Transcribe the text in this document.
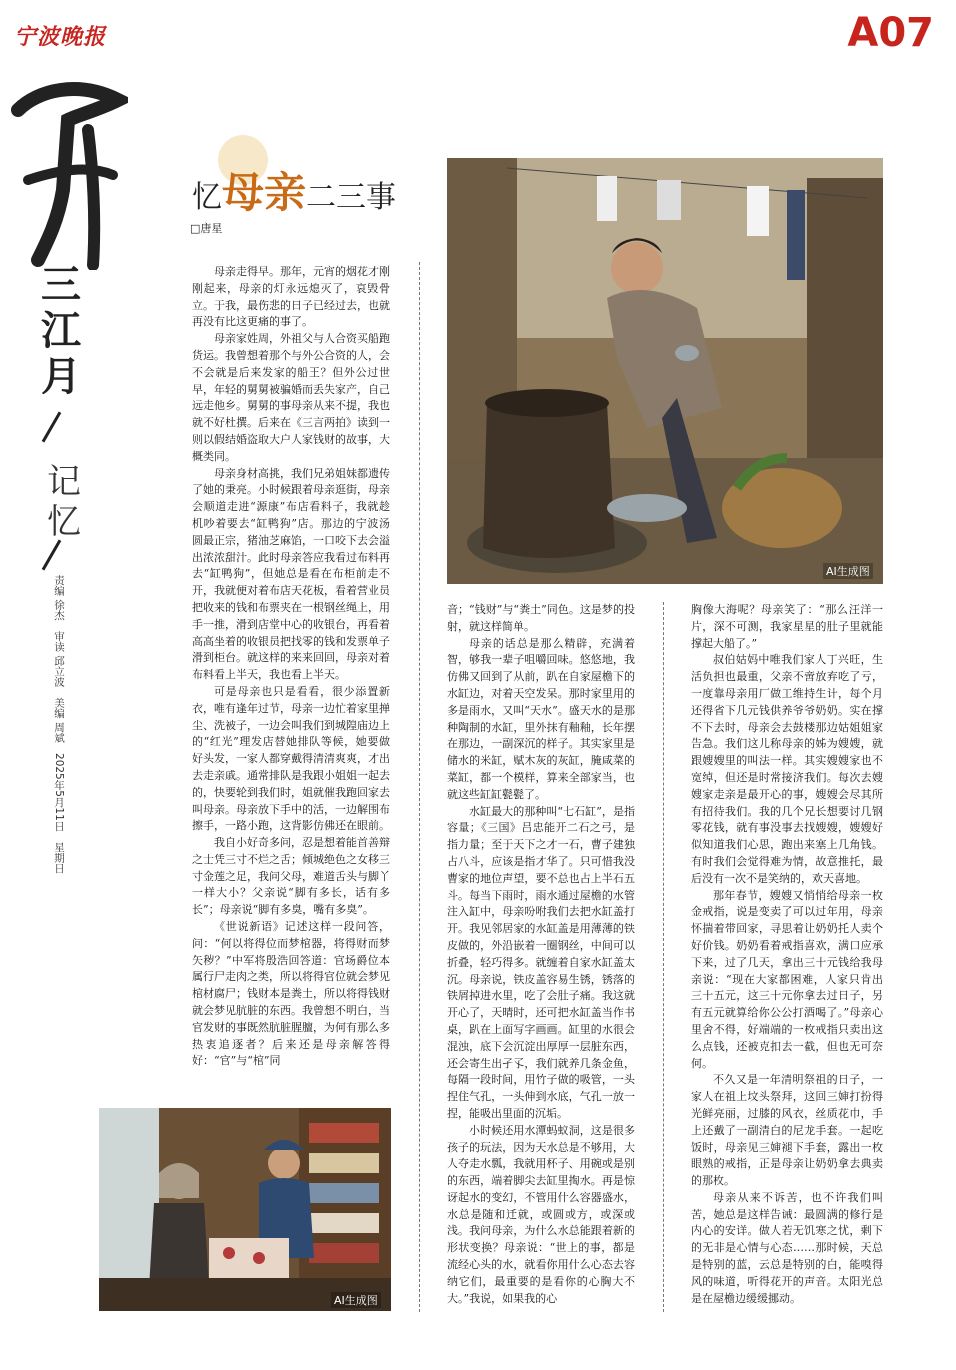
宁波晚报	A07
三
江
月
记
忆
责编 徐杰　审读 邱立波　美编 周斌　2025年5月11日　星期日
忆母亲二三事
□唐星

母亲走得早。那年，元宵的烟花才刚刚起来，母亲的灯永远熄灭了，哀毁骨立。于我，最伤悲的日子已经过去，也就再没有比这更痛的事了。

母亲家姓周，外祖父与人合资买船跑货运。我曾想着那个与外公合资的人，会不会就是后来发家的船王？但外公过世早，年轻的舅舅被骗婚而丢失家产，自己远走他乡。舅舅的事母亲从来不提，我也就不好杜撰。后来在《三言两拍》读到一则以假结婚盗取大户人家钱财的故事，大概类同。

母亲身材高挑，我们兄弟姐妹都遗传了她的秉亮。小时候跟着母亲逛街，母亲会顺道走进“源康”布店看料子，我就趁机吵着要去“缸鸭狗”店。那边的宁波汤圆最正宗，猪油芝麻馅，一口咬下去会溢出浓浓甜汁。此时母亲答应我看过布料再去“缸鸭狗”，但她总是看在布柜前走不开，我就便对着布店天花板，看着营业员把收来的钱和布票夹在一根钢丝绳上，用手一推，滑到店堂中心的收银台，再看着高高坐着的收银员把找零的钱和发票单子滑到柜台。就这样的来来回回，母亲对着布料看上半天，我也看上半天。

可是母亲也只是看看，很少添置新衣，唯有逢年过节，母亲一边忙着家里掸尘、洗被子，一边会叫我们到城隍庙边上的“红光”理发店替她排队等候，她要做好头发，一家人都穿戴得清清爽爽，才出去走亲戚。通常排队是我跟小姐姐一起去的，快要轮到我们时，姐就催我跑回家去叫母亲。母亲放下手中的活，一边解围布擦手，一路小跑，这背影仿佛还在眼前。

我自小好奇多问，忍是想着能首善辩之士凭三寸不烂之舌；倾城绝色之女移三寸金莲之足，我问父母，难道舌头与脚丫一样大小？父亲说“脚有多长，话有多长”；母亲说“脚有多臭，嘴有多臭”。

《世说新语》记述这样一段问答，问：“何以将得位而梦棺器，将得财而梦矢秽？”中军将殷浩回答道：官场爵位本属行尸走肉之类，所以将得官位就会梦见棺材腐尸；钱财本是粪土，所以将得钱财就会梦见肮脏的东西。我曾想不明白，当官发财的事既然肮脏腥膻，为何有那么多热衷追逐者？后来还是母亲解答得好：“官”与“棺”同

AI生成图

音；“钱财”与“粪土”同色。这是梦的投射，就这样简单。

母亲的话总是那么精辟，充满着智，够我一辈子咀嚼回味。悠悠地，我仿佛又回到了从前，趴在自家屋檐下的水缸边，对着天空发呆。那时家里用的多是雨水，又叫“天水”。盛天水的是那种陶制的水缸，里外抹有釉釉，长年摆在那边，一副深沉的样子。其实家里是储水的米缸，赋木灰的灰缸，腌咸菜的菜缸，都一个模样，算来全部家当，也就这些缸缸甏甏了。

水缸最大的那种叫“七石缸”，是指容量；《三国》吕忠能开二石之弓，是指力量；至于天下之才一石，曹子建独占八斗，应该是指才华了。只可惜我没曹家的地位声望，要不总也占上半石五斗。每当下雨时，雨水通过屋檐的水管注入缸中，母亲吩咐我们去把水缸盖打开。我见邻居家的水缸盖是用薄薄的铁皮做的，外沿嵌着一圈钢丝，中间可以折叠，轻巧得多。就缠着自家水缸盖太沉。母亲说，铁皮盖容易生锈，锈落的铁屑掉进水里，吃了会肚子痛。我这就开心了，天晴时，还可把水缸盖当作书桌，趴在上面写字画画。缸里的水很会混浊，底下会沉淀出厚厚一层脏东西，还会寄生出孑孓，我们就养几条金鱼，每隔一段时间，用竹子做的吸管，一头捏住气孔，一头伸到水底，气孔一放一捏，能吸出里面的沉垢。

小时候还用水潭蚂蚁洞，这是很多孩子的玩法，因为天水总是不够用，大人夺走水瓢，我就用杯子、用碗或是别的东西，端着脚尖去缸里掏水。再是惊讶起水的变幻，不管用什么容器盛水，水总是随和迁就，或圆或方，或深或浅。我问母亲，为什么水总能跟着新的形状变换？母亲说：“世上的事，都是流经心头的水，就看你用什么心态去容纳它们，最重要的是看你的心胸大不大。”我说，如果我的心

胸像大海呢？母亲笑了：“那么汪洋一片，深不可测，我家星星的肚子里就能撑起大船了。”

叔伯姑妈中唯我们家人丁兴旺，生活负担也最重，父亲不啻放弃吃了亏，一度靠母亲用厂做工维持生计，每个月还得省下几元钱供养爷爷奶奶。实在撑不下去时，母亲会去鼓楼那边姑姐姐家告急。我们这儿称母亲的姊为嫂嫂，就跟嫂嫂里的叫法一样。其实嫂嫂家也不宽绰，但还是时常接济我们。每次去嫂嫂家走亲是最开心的事，嫂嫂会尽其所有招待我们。我的几个兄长想要讨几钢零花钱，就有事没事去找嫂嫂，嫂嫂好似知道我们心思，跑出来塞上几角钱。有时我们会觉得难为情，故意推托，最后没有一次不是笑纳的，欢天喜地。

那年春节，嫂嫂又悄悄给母亲一枚金戒指，说是变卖了可以过年用，母亲怀揣着带回家，寻思着让奶奶托人卖个好价钱。奶奶看着戒指喜欢，满口应承下来，过了几天，拿出三十元钱给我母亲说：“现在大家都困难，人家只肯出三十五元，这三十元你拿去过日子，另有五元就算给你公公打酒喝了。”母亲心里舍不得，好端端的一枚戒指只卖出这么点钱，还被克扣去一截，但也无可奈何。

不久又是一年清明祭祖的日子，一家人在祖上坟头祭拜，这回三婶打扮得光鲜亮丽，过膝的风衣，丝质花巾，手上还戴了一副清白的尼龙手套。一起吃饭时，母亲见三婶褪下手套，露出一枚眼熟的戒指，正是母亲让奶奶拿去典卖的那枚。

母亲从来不诉苦，也不许我们叫苦，她总是这样告诫：最圆满的修行是内心的安详。做人若无饥寒之忧，剩下的无非是心情与心态……那时候，天总是特别的蓝，云总是特别的白，能嗅得风的味道，听得花开的声音。太阳光总是在屋檐边缓缓挪动。

AI生成图
